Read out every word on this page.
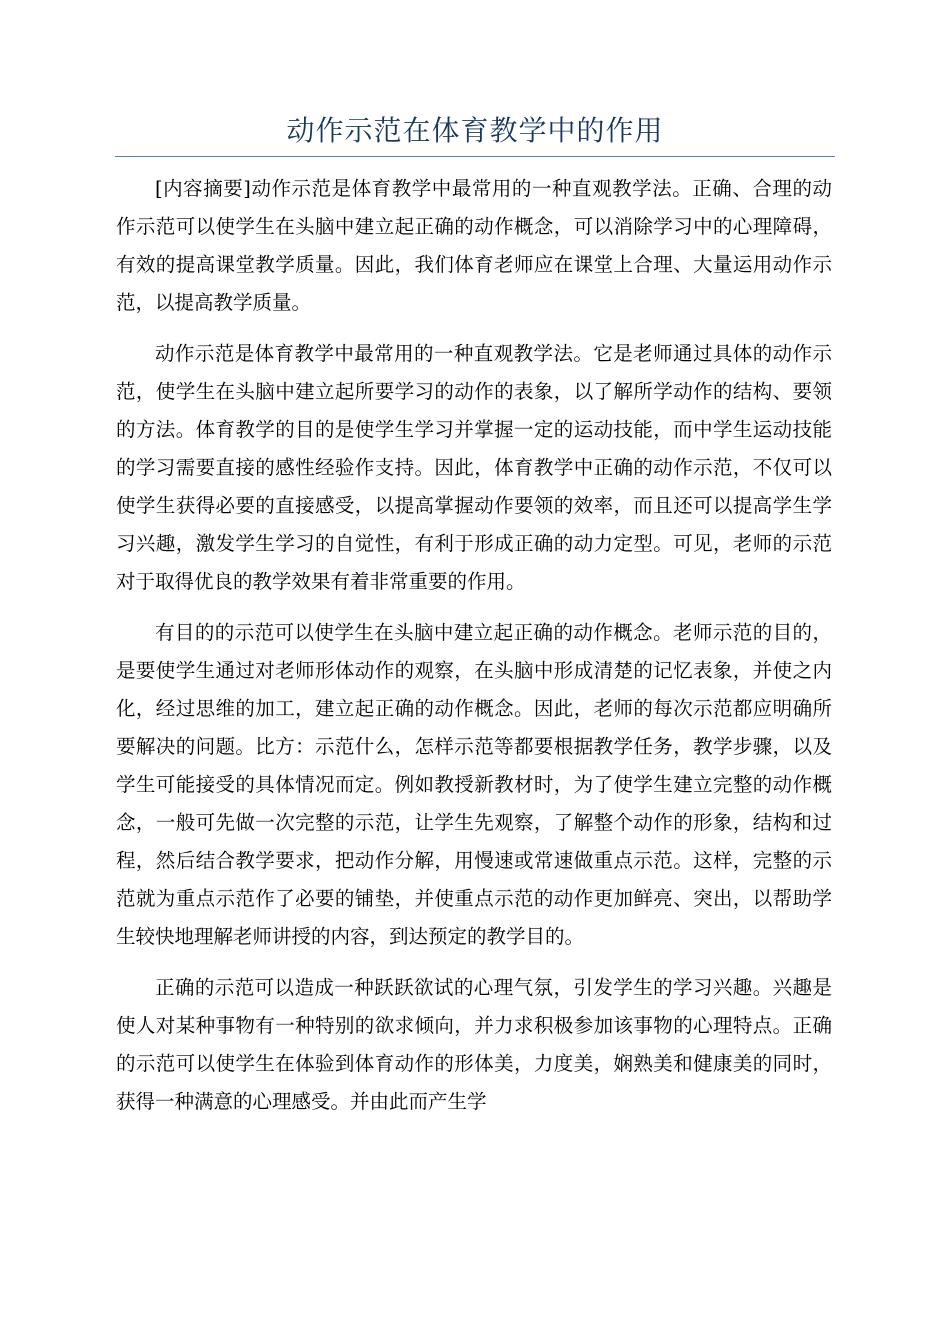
动作示范在体育教学中的作用

[内容摘要]动作示范是体育教学中最常用的一种直观教学法。正确、合理的动作示范可以使学生在头脑中建立起正确的动作概念，可以消除学习中的心理障碍，有效的提高课堂教学质量。因此，我们体育老师应在课堂上合理、大量运用动作示范，以提高教学质量。

动作示范是体育教学中最常用的一种直观教学法。它是老师通过具体的动作示范，使学生在头脑中建立起所要学习的动作的表象，以了解所学动作的结构、要领的方法。体育教学的目的是使学生学习并掌握一定的运动技能，而中学生运动技能的学习需要直接的感性经验作支持。因此，体育教学中正确的动作示范，不仅可以使学生获得必要的直接感受，以提高掌握动作要领的效率，而且还可以提高学生学习兴趣，激发学生学习的自觉性，有利于形成正确的动力定型。可见，老师的示范对于取得优良的教学效果有着非常重要的作用。

有目的的示范可以使学生在头脑中建立起正确的动作概念。老师示范的目的，是要使学生通过对老师形体动作的观察，在头脑中形成清楚的记忆表象，并使之内化，经过思维的加工，建立起正确的动作概念。因此，老师的每次示范都应明确所要解决的问题。比方：示范什么，怎样示范等都要根据教学任务，教学步骤，以及学生可能接受的具体情况而定。例如教授新教材时，为了使学生建立完整的动作概念，一般可先做一次完整的示范，让学生先观察，了解整个动作的形象，结构和过程，然后结合教学要求，把动作分解，用慢速或常速做重点示范。这样，完整的示范就为重点示范作了必要的铺垫，并使重点示范的动作更加鲜亮、突出，以帮助学生较快地理解老师讲授的内容，到达预定的教学目的。

正确的示范可以造成一种跃跃欲试的心理气氛，引发学生的学习兴趣。兴趣是使人对某种事物有一种特别的欲求倾向，并力求积极参加该事物的心理特点。正确的示范可以使学生在体验到体育动作的形体美，力度美，娴熟美和健康美的同时，获得一种满意的心理感受。并由此而产生学
